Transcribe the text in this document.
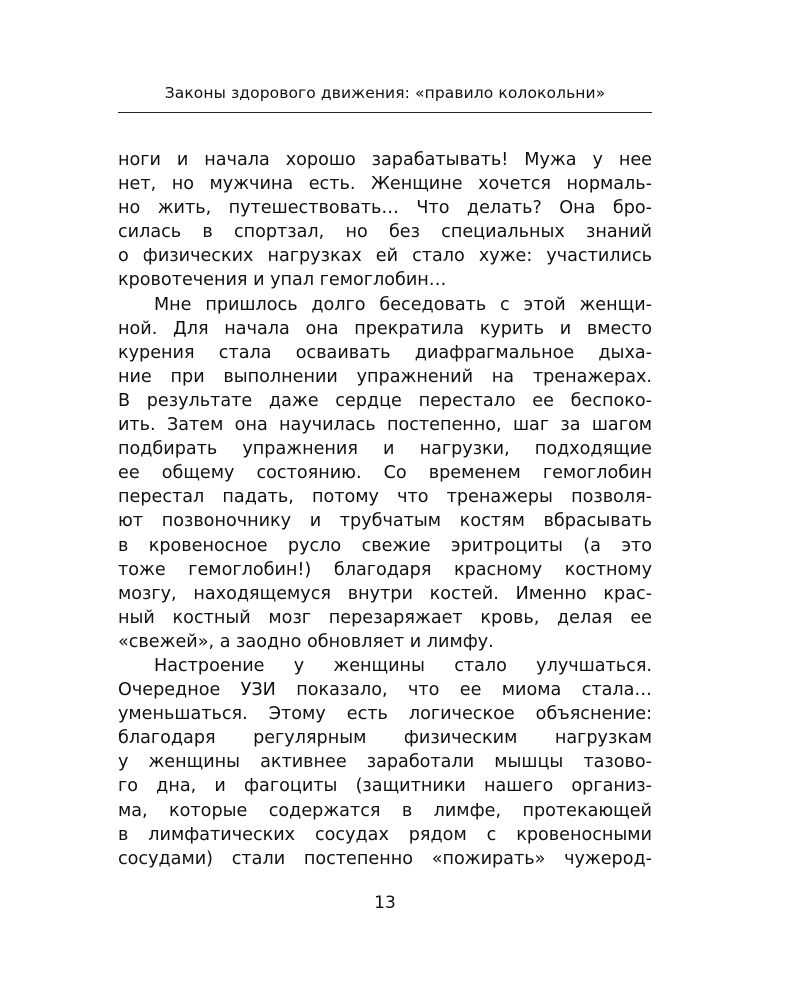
Законы здорового движения: «правило колокольни»
ноги и начала хорошо зарабатывать! Мужа у нее
нет, но мужчина есть. Женщине хочется нормаль-
но жить, путешествовать… Что делать? Она бро-
силась в спортзал, но без специальных знаний
о физических нагрузках ей стало хуже: участились
кровотечения и упал гемоглобин…
Мне пришлось долго беседовать с этой женщи-
ной. Для начала она прекратила курить и вместо
курения стала осваивать диафрагмальное дыха-
ние при выполнении упражнений на тренажерах.
В результате даже сердце перестало ее беспоко-
ить. Затем она научилась постепенно, шаг за шагом
подбирать упражнения и нагрузки, подходящие
ее общему состоянию. Со временем гемоглобин
перестал падать, потому что тренажеры позволя-
ют позвоночнику и трубчатым костям вбрасывать
в кровеносное русло свежие эритроциты (а это
тоже гемоглобин!) благодаря красному костному
мозгу, находящемуся внутри костей. Именно крас-
ный костный мозг перезаряжает кровь, делая ее
«свежей», а заодно обновляет и лимфу.
Настроение у женщины стало улучшаться.
Очередное УЗИ показало, что ее миома стала…
уменьшаться. Этому есть логическое объяснение:
благодаря регулярным физическим нагрузкам
у женщины активнее заработали мышцы тазово-
го дна, и фагоциты (защитники нашего организ-
ма, которые содержатся в лимфе, протекающей
в лимфатических сосудах рядом с кровеносными
сосудами) стали постепенно «пожирать» чужерод-
13
